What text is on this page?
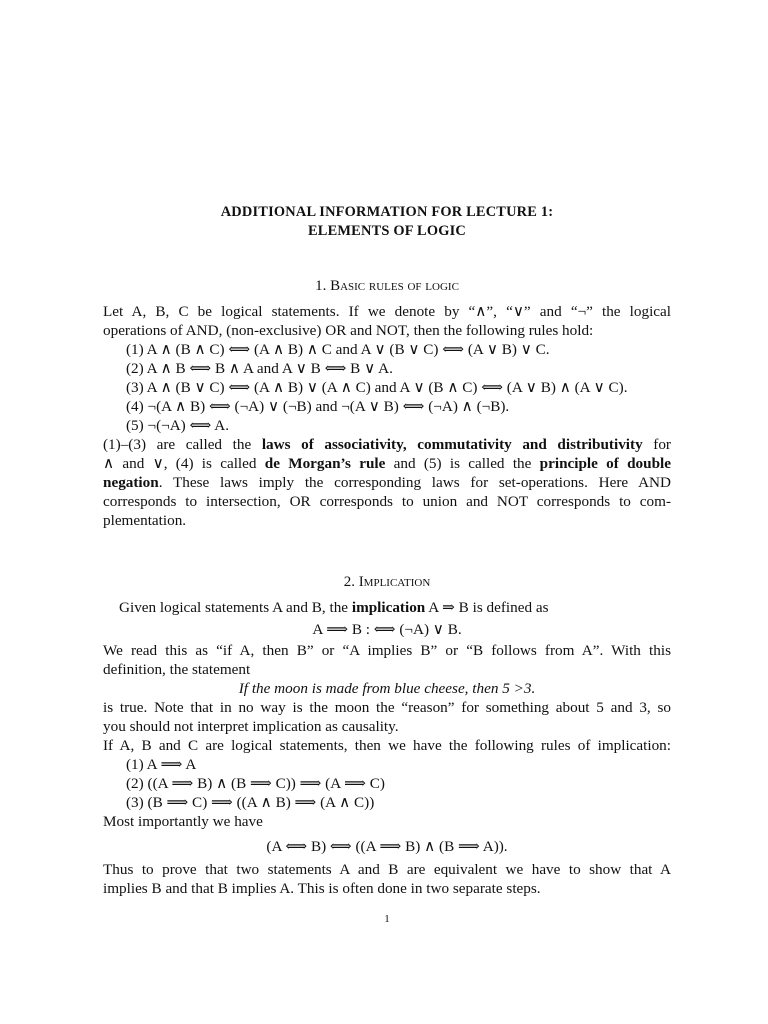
ADDITIONAL INFORMATION FOR LECTURE 1:
ELEMENTS OF LOGIC
1. Basic rules of logic
Let A, B, C be logical statements. If we denote by “∧”, “∨” and “¬” the logical
operations of AND, (non-exclusive) OR and NOT, then the following rules hold:
(1) A ∧ (B ∧ C) ⟺ (A ∧ B) ∧ C and A ∨ (B ∨ C) ⟺ (A ∨ B) ∨ C.
(2) A ∧ B ⟺ B ∧ A and A ∨ B ⟺ B ∨ A.
(3) A ∧ (B ∨ C) ⟺ (A ∧ B) ∨ (A ∧ C) and A ∨ (B ∧ C) ⟺ (A ∨ B) ∧ (A ∨ C).
(4) ¬(A ∧ B) ⟺ (¬A) ∨ (¬B) and ¬(A ∨ B) ⟺ (¬A) ∧ (¬B).
(5) ¬(¬A) ⟺ A.
(1)–(3) are called the laws of associativity, commutativity and distributivity for
∧ and ∨, (4) is called de Morgan’s rule and (5) is called the principle of double
negation. These laws imply the corresponding laws for set-operations. Here AND
corresponds to intersection, OR corresponds to union and NOT corresponds to com-
plementation.
2. Implication
Given logical statements A and B, the implication A ⇒ B is defined as
A ⟹ B : ⟺ (¬A) ∨ B.
We read this as “if A, then B” or “A implies B” or “B follows from A”. With this
definition, the statement
If the moon is made from blue cheese, then 5 >3.
is true. Note that in no way is the moon the “reason” for something about 5 and 3, so
you should not interpret implication as causality.
If A, B and C are logical statements, then we have the following rules of implication:
(1) A ⟹ A
(2) ((A ⟹ B) ∧ (B ⟹ C)) ⟹ (A ⟹ C)
(3) (B ⟹ C) ⟹ ((A ∧ B) ⟹ (A ∧ C))
Most importantly we have
(A ⟺ B) ⟺ ((A ⟹ B) ∧ (B ⟹ A)).
Thus to prove that two statements A and B are equivalent we have to show that A
implies B and that B implies A. This is often done in two separate steps.
1
